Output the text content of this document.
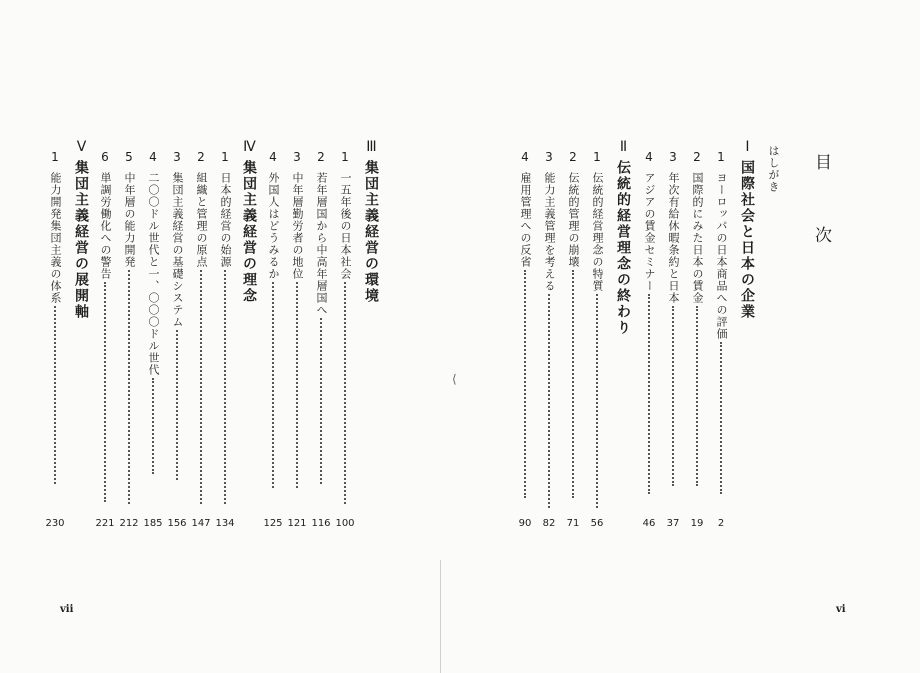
目 次
はしがき
I
国際社会と日本の企業
1
ヨーロッパの日本商品への評価
2
国際的にみた日本の賃金
3
年次有給休暇条約と日本
4
アジアの賃金セミナー
II
伝統的経営理念の終わり
1
伝統的経営理念の特質
2
伝統的管理の崩壊
3
能力主義管理を考える
4
雇用管理への反省
2
19
37
46
56
71
82
90
vi
⟨
III
集団主義経営の環境
1
一五年後の日本社会
2
若年層国から中高年層国へ
3
中年層勤労者の地位
4
外国人はどうみるか
IV
集団主義経営の理念
1
日本的経営の始源
2
組織と管理の原点
3
集団主義経営の基礎システム
4
二〇〇ドル世代と一、〇〇〇ドル世代
5
中年層の能力開発
6
単調労働化への警告
V
集団主義経営の展開軸
1
能力開発集団主義の体系
100
116
121
125
134
147
156
185
212
221
230
vii
